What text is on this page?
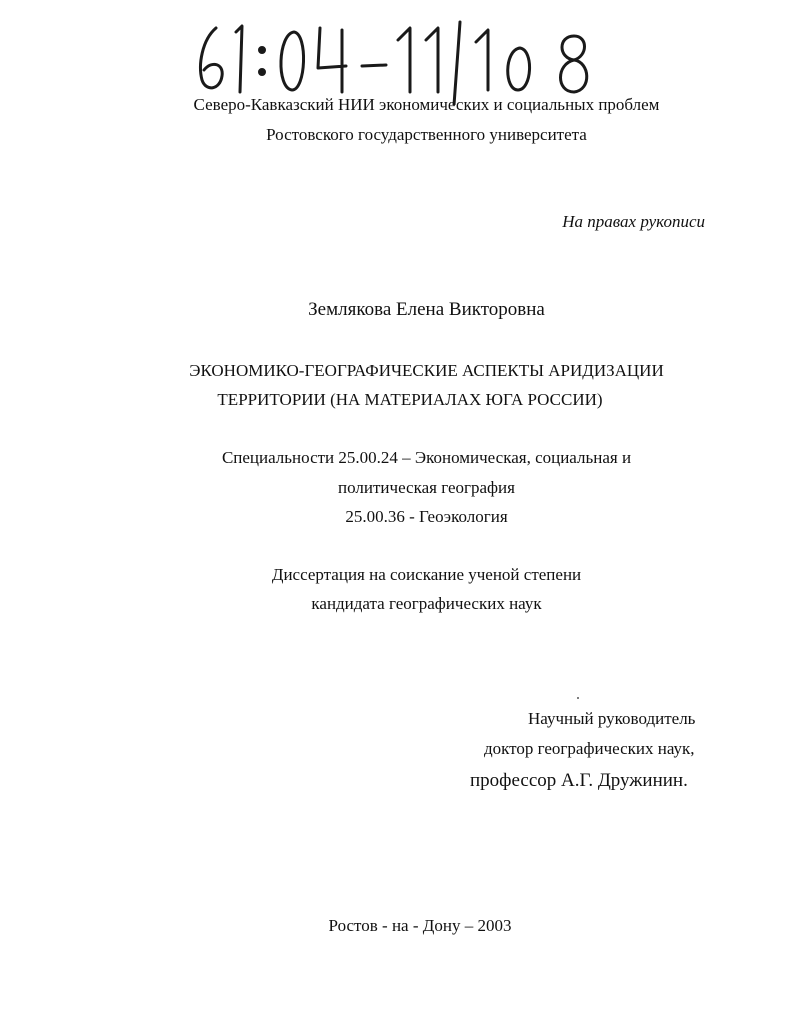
Северо-Кавказский НИИ экономических и социальных проблем
Ростовского государственного университета
На правах рукописи
Землякова Елена Викторовна
ЭКОНОМИКО-ГЕОГРАФИЧЕСКИЕ АСПЕКТЫ АРИДИЗАЦИИ
ТЕРРИТОРИИ (НА МАТЕРИАЛАХ ЮГА РОССИИ)
Специальности 25.00.24 – Экономическая, социальная и
политическая география
25.00.36 - Геоэкология
Диссертация на соискание ученой степени
кандидата географических наук
Научный руководитель
доктор географических наук,
профессор А.Г. Дружинин.
Ростов - на - Дону – 2003
